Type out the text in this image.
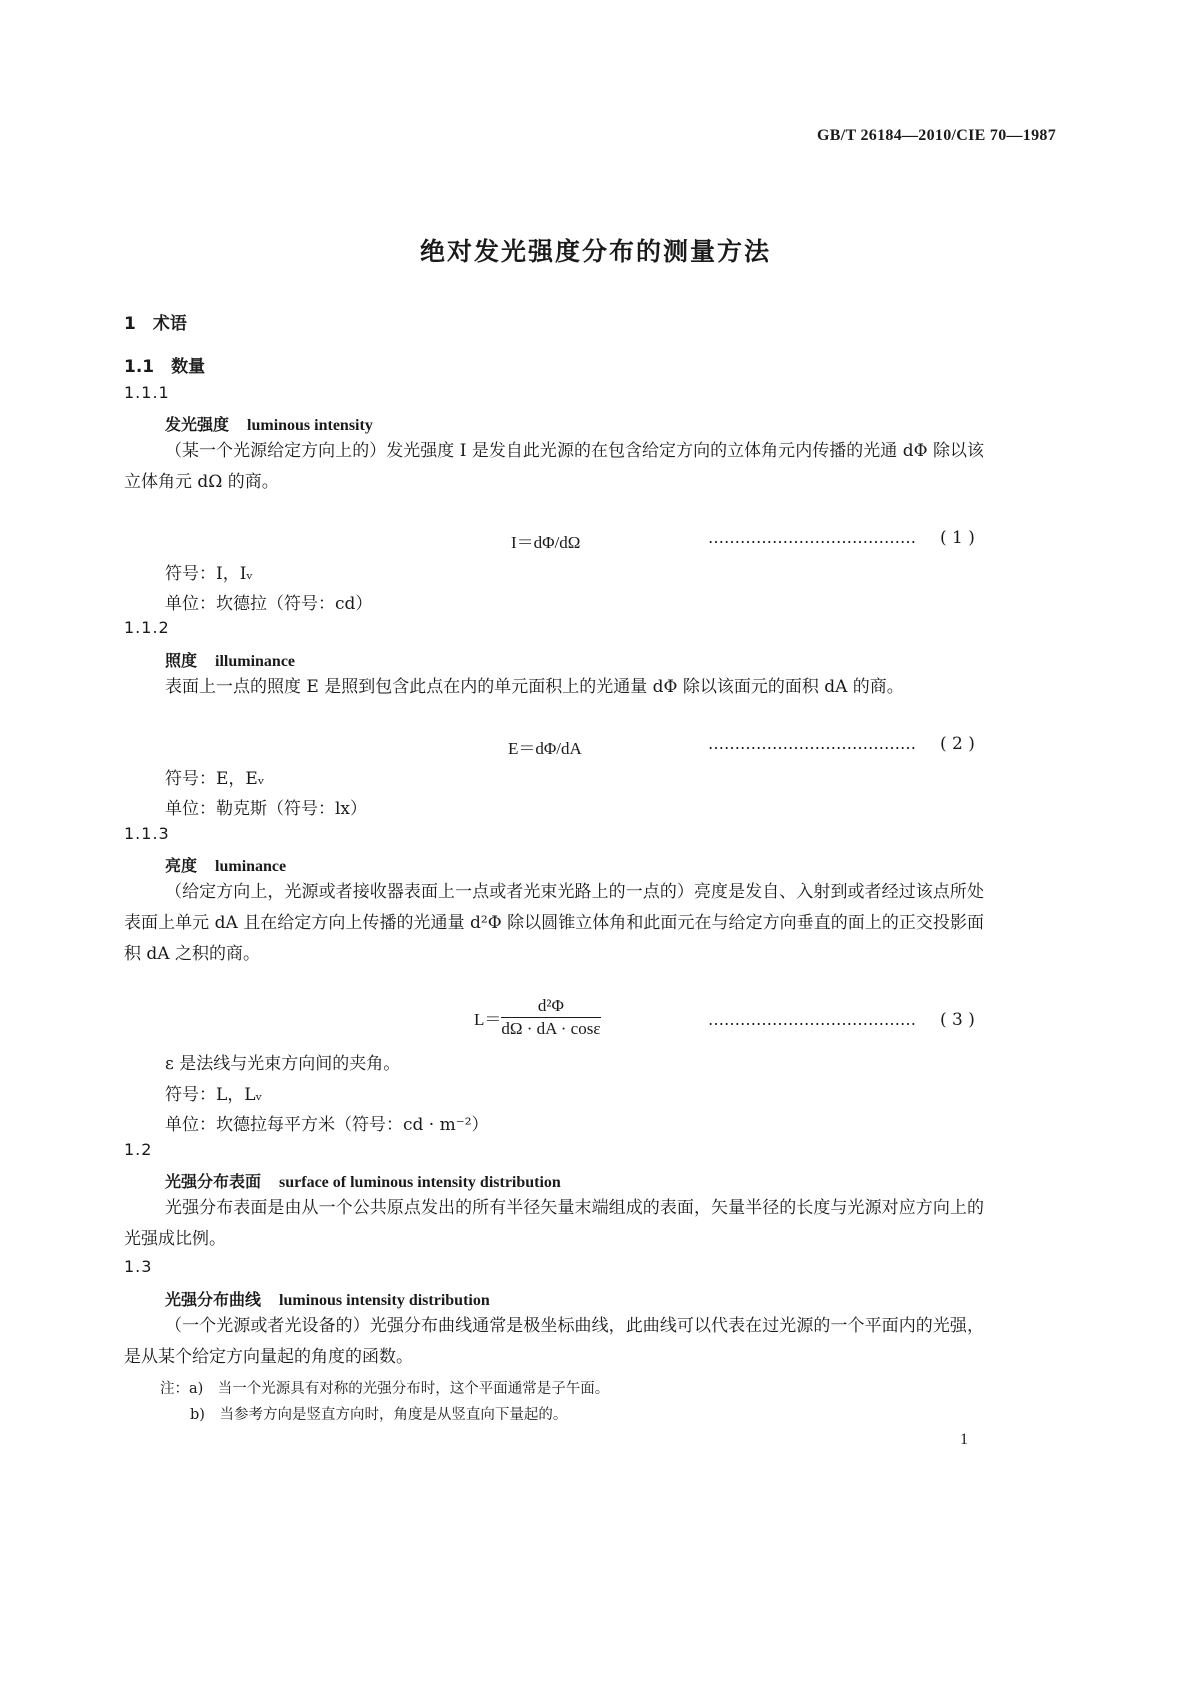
GB/T 26184—2010/CIE 70—1987
绝对发光强度分布的测量方法
1　术语
1.1　数量
1.1.1
发光强度 luminous intensity
（某一个光源给定方向上的）发光强度 I 是发自此光源的在包含给定方向的立体角元内传播的光通 dΦ 除以该立体角元 dΩ 的商。
I＝dΦ/dΩ	………………………………… ( 1 )
符号：I，Iᵥ
单位：坎德拉（符号：cd）
1.1.2
照度 illuminance
表面上一点的照度 E 是照到包含此点在内的单元面积上的光通量 dΦ 除以该面元的面积 dA 的商。
E＝dΦ/dA	………………………………… ( 2 )
符号：E，Eᵥ
单位：勒克斯（符号：lx）
1.1.3
亮度 luminance
（给定方向上，光源或者接收器表面上一点或者光束光路上的一点的）亮度是发自、入射到或者经过该点所处表面上单元 dA 且在给定方向上传播的光通量 d²Φ 除以圆锥立体角和此面元在与给定方向垂直的面上的正交投影面积 dA 之积的商。
$L= \frac{\text{d²Φ}}{d\Omega \cdot dA \cdot \cos\varepsilon}$	………………………………… ( 3 )
ε 是法线与光束方向间的夹角。
符号：L，Lᵥ
单位：坎德拉每平方米（符号：cd · m⁻²）
1.2
光强分布表面 surface of luminous intensity distribution
光强分布表面是由从一个公共原点发出的所有半径矢量末端组成的表面，矢量半径的长度与光源对应方向上的光强成比例。
1.3
光强分布曲线 luminous intensity distribution
（一个光源或者光设备的）光强分布曲线通常是极坐标曲线，此曲线可以代表在过光源的一个平面内的光强，是从某个给定方向量起的角度的函数。
注：a)　当一个光源具有对称的光强分布时，这个平面通常是子午面。
b)　当参考方向是竖直方向时，角度是从竖直向下量起的。
1
